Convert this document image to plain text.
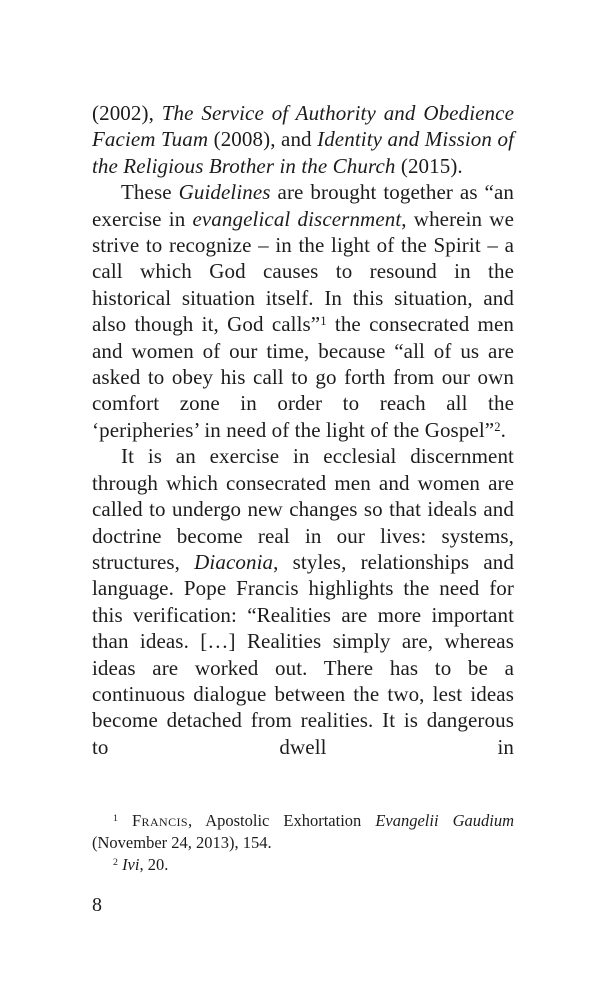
(2002), The Service of Authority and Obedience Faciem Tuam (2008), and Identity and Mission of the Religious Brother in the Church (2015).

These Guidelines are brought together as “an exercise in evangelical discernment, wherein we strive to recognize – in the light of the Spirit – a call which God causes to resound in the historical situation itself. In this situation, and also though it, God calls”$^1$ the consecrated men and women of our time, because “all of us are asked to obey his call to go forth from our own comfort zone in order to reach all the ‘peripheries’ in need of the light of the Gospel”$^2$.

It is an exercise in ecclesial discernment through which consecrated men and women are called to undergo new changes so that ideals and doctrine become real in our lives: systems, structures, Diaconia, styles, relationships and language. Pope Francis highlights the need for this verification: “Realities are more important than ideas. […] Realities simply are, whereas ideas are worked out. There has to be a continuous dialogue between the two, lest ideas become detached from realities. It is dangerous to dwell in

$^1$ Francis, Apostolic Exhortation Evangelii Gaudium (November 24, 2013), 154.

$^2$ Ivi, 20.

8
